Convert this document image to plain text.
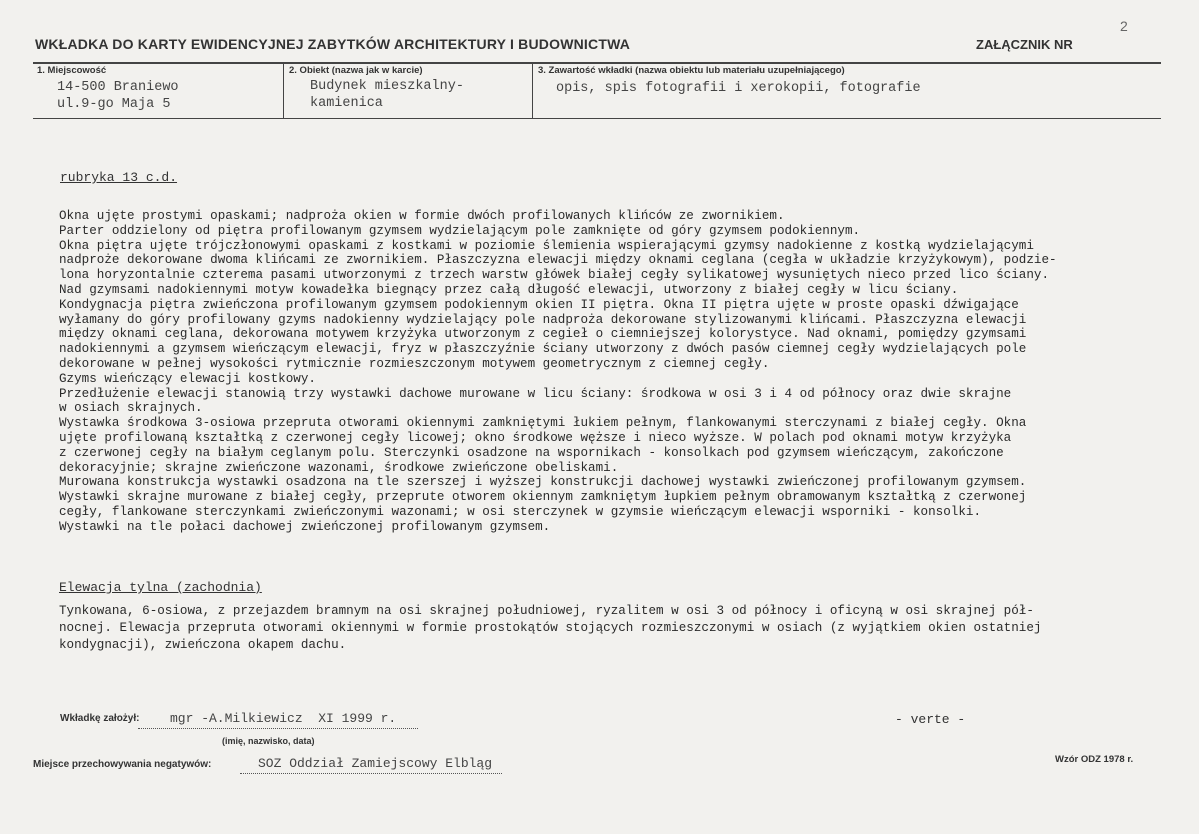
2
WKŁADKA DO KARTY EWIDENCYJNEJ ZABYTKÓW ARCHITEKTURY I BUDOWNICTWA	ZAŁĄCZNIK NR
1. Miejscowość
14-500 Braniewo
ul.9-go Maja 5
2. Obiekt (nazwa jak w karcie)
Budynek mieszkalny-
kamienica
3. Zawartość wkładki (nazwa obiektu lub materiału uzupełniającego)
opis, spis fotografii i xerokopii, fotografie
rubryka 13 c.d.
Okna ujęte prostymi opaskami; nadproża okien w formie dwóch profilowanych klińców ze zwornikiem.
Parter oddzielony od piętra profilowanym gzymsem wydzielającym pole zamknięte od góry gzymsem podokiennym.
Okna piętra ujęte trójczłonowymi opaskami z kostkami w poziomie ślemienia wspierającymi gzymsy nadokienne z kostką wydzielającymi
nadproże dekorowane dwoma klińcami ze zwornikiem. Płaszczyzna elewacji między oknami ceglana (cegła w układzie krzyżykowym), podzie-
lona horyzontalnie czterema pasami utworzonymi z trzech warstw główek białej cegły sylikatowej wysuniętych nieco przed lico ściany.
Nad gzymsami nadokiennymi motyw kowadełka biegnący przez całą długość elewacji, utworzony z białej cegły w licu ściany.
Kondygnacja piętra zwieńczona profilowanym gzymsem podokiennym okien II piętra. Okna II piętra ujęte w proste opaski dźwigające
wyłamany do góry profilowany gzyms nadokienny wydzielający pole nadproża dekorowane stylizowanymi klińcami. Płaszczyzna elewacji
między oknami ceglana, dekorowana motywem krzyżyka utworzonym z cegieł o ciemniejszej kolorystyce. Nad oknami, pomiędzy gzymsami
nadokiennymi a gzymsem wieńczącym elewacji, fryz w płaszczyźnie ściany utworzony z dwóch pasów ciemnej cegły wydzielających pole
dekorowane w pełnej wysokości rytmicznie rozmieszczonym motywem geometrycznym z ciemnej cegły.
Gzyms wieńczący elewacji kostkowy.
Przedłużenie elewacji stanowią trzy wystawki dachowe murowane w licu ściany: środkowa w osi 3 i 4 od północy oraz dwie skrajne
w osiach skrajnych.
Wystawka środkowa 3-osiowa przepruta otworami okiennymi zamkniętymi łukiem pełnym, flankowanymi sterczynami z białej cegły. Okna
ujęte profilowaną kształtką z czerwonej cegły licowej; okno środkowe węższe i nieco wyższe. W polach pod oknami motyw krzyżyka
z czerwonej cegły na białym ceglanym polu. Sterczynki osadzone na wspornikach - konsolkach pod gzymsem wieńczącym, zakończone
dekoracyjnie; skrajne zwieńczone wazonami, środkowe zwieńczone obeliskami.
Murowana konstrukcja wystawki osadzona na tle szerszej i wyższej konstrukcji dachowej wystawki zwieńczonej profilowanym gzymsem.
Wystawki skrajne murowane z białej cegły, przeprute otworem okiennym zamkniętym łupkiem pełnym obramowanym kształtką z czerwonej
cegły, flankowane sterczynkami zwieńczonymi wazonami; w osi sterczynek w gzymsie wieńczącym elewacji wsporniki - konsolki.
Wystawki na tle połaci dachowej zwieńczonej profilowanym gzymsem.
Elewacja tylna (zachodnia)
Tynkowana, 6-osiowa, z przejazdem bramnym na osi skrajnej południowej, ryzalitem w osi 3 od północy i oficyną w osi skrajnej pół-
nocnej. Elewacja przepruta otworami okiennymi w formie prostokątów stojących rozmieszczonymi w osiach (z wyjątkiem okien ostatniej
kondygnacji), zwieńczona okapem dachu.
Wkładkę założył: mgr -A.Milkiewicz  XI 1999 r.
(imię, nazwisko, data)
- verte -
Miejsce przechowywania negatywów:	SOZ Oddział Zamiejscowy Elbląg	Wzór ODZ 1978 r.
